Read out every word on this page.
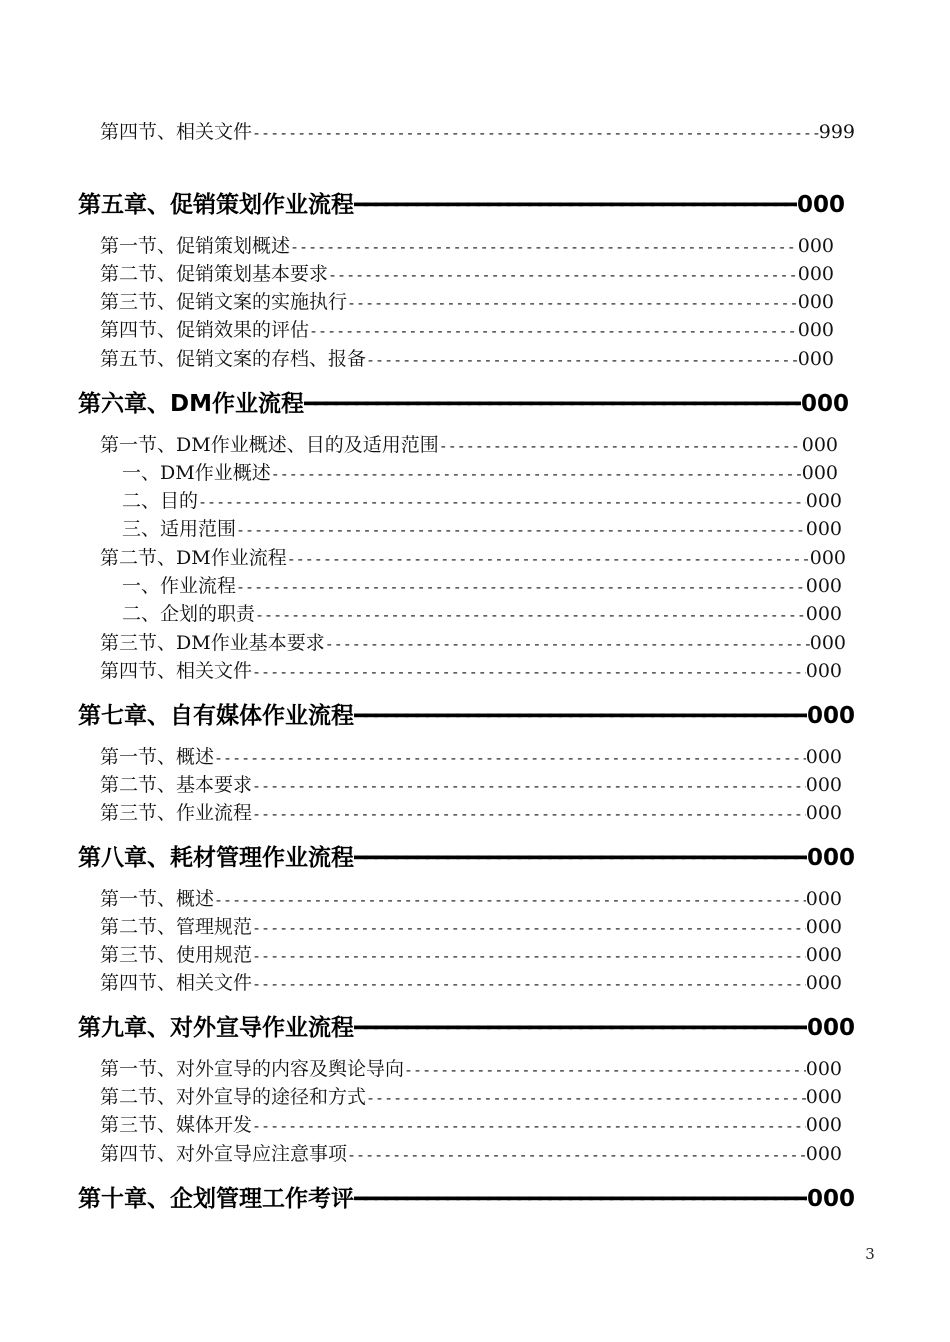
第四节、相关文件 -----	999
第五章、促销策划作业流程 ━━━━━━━━━━━━━━━━━━━━━━━━━━━━━━━━━━━━━━━━━━━━━━━━━━━━━━━━━━━━━━━━━━━━━━━━━━━━━━━━━━━━━━━━━━━━━━━━━━━━━━━━━━━━━━━━━━━━━━━━━━━━━━━━━━━━	000
第一节、促销策划概述 -----	000
第二节、促销策划基本要求 -----	000
第三节、促销文案的实施执行 -----	000
第四节、促销效果的评估 -----	000
第五节、促销文案的存档、报备 -----	000
第六章、DM作业流程 ━━━━━━━━━━━━━━━━━━━━━━━━━━━━━━━━━━━━━━━━━━━━━━━━━━━━━━━━━━━━━━━━━━━━━━━━━━━━━━━━━━━━━━━━━━━━━━━━━━━━━━━━━━━━━━━━━━━━━━━━━━━━━━━━━━━━	000
第一节、DM作业概述、目的及适用范围 -----	000
一、DM作业概述 -----	000
二、目的 -----	000
三、适用范围 -----	000
第二节、DM作业流程 -----	000
一、作业流程 -----	000
二、企划的职责 -----	000
第三节、DM作业基本要求 -----	000
第四节、相关文件 -----	000
第七章、自有媒体作业流程 ━━━━━━━━━━━━━━━━━━━━━━━━━━━━━━━━━━━━━━━━━━━━━━━━━━━━━━━━━━━━━━━━━━━━━━━━━━━━━━━━━━━━━━━━━━━━━━━━━━━━━━━━━━━━━━━━━━━━━━━━━━━━━━━━━━━━	000
第一节、概述 -----	000
第二节、基本要求 -----	000
第三节、作业流程 -----	000
第八章、耗材管理作业流程 ━━━━━━━━━━━━━━━━━━━━━━━━━━━━━━━━━━━━━━━━━━━━━━━━━━━━━━━━━━━━━━━━━━━━━━━━━━━━━━━━━━━━━━━━━━━━━━━━━━━━━━━━━━━━━━━━━━━━━━━━━━━━━━━━━━━━	000
第一节、概述 -----	000
第二节、管理规范 -----	000
第三节、使用规范 -----	000
第四节、相关文件 -----	000
第九章、对外宣导作业流程 ━━━━━━━━━━━━━━━━━━━━━━━━━━━━━━━━━━━━━━━━━━━━━━━━━━━━━━━━━━━━━━━━━━━━━━━━━━━━━━━━━━━━━━━━━━━━━━━━━━━━━━━━━━━━━━━━━━━━━━━━━━━━━━━━━━━━	000
第一节、对外宣导的内容及舆论导向 -----	000
第二节、对外宣导的途径和方式 -----	000
第三节、媒体开发 -----	000
第四节、对外宣导应注意事项 -----	000
第十章、企划管理工作考评 ━━━━━━━━━━━━━━━━━━━━━━━━━━━━━━━━━━━━━━━━━━━━━━━━━━━━━━━━━━━━━━━━━━━━━━━━━━━━━━━━━━━━━━━━━━━━━━━━━━━━━━━━━━━━━━━━━━━━━━━━━━━━━━━━━━━━	000
3
